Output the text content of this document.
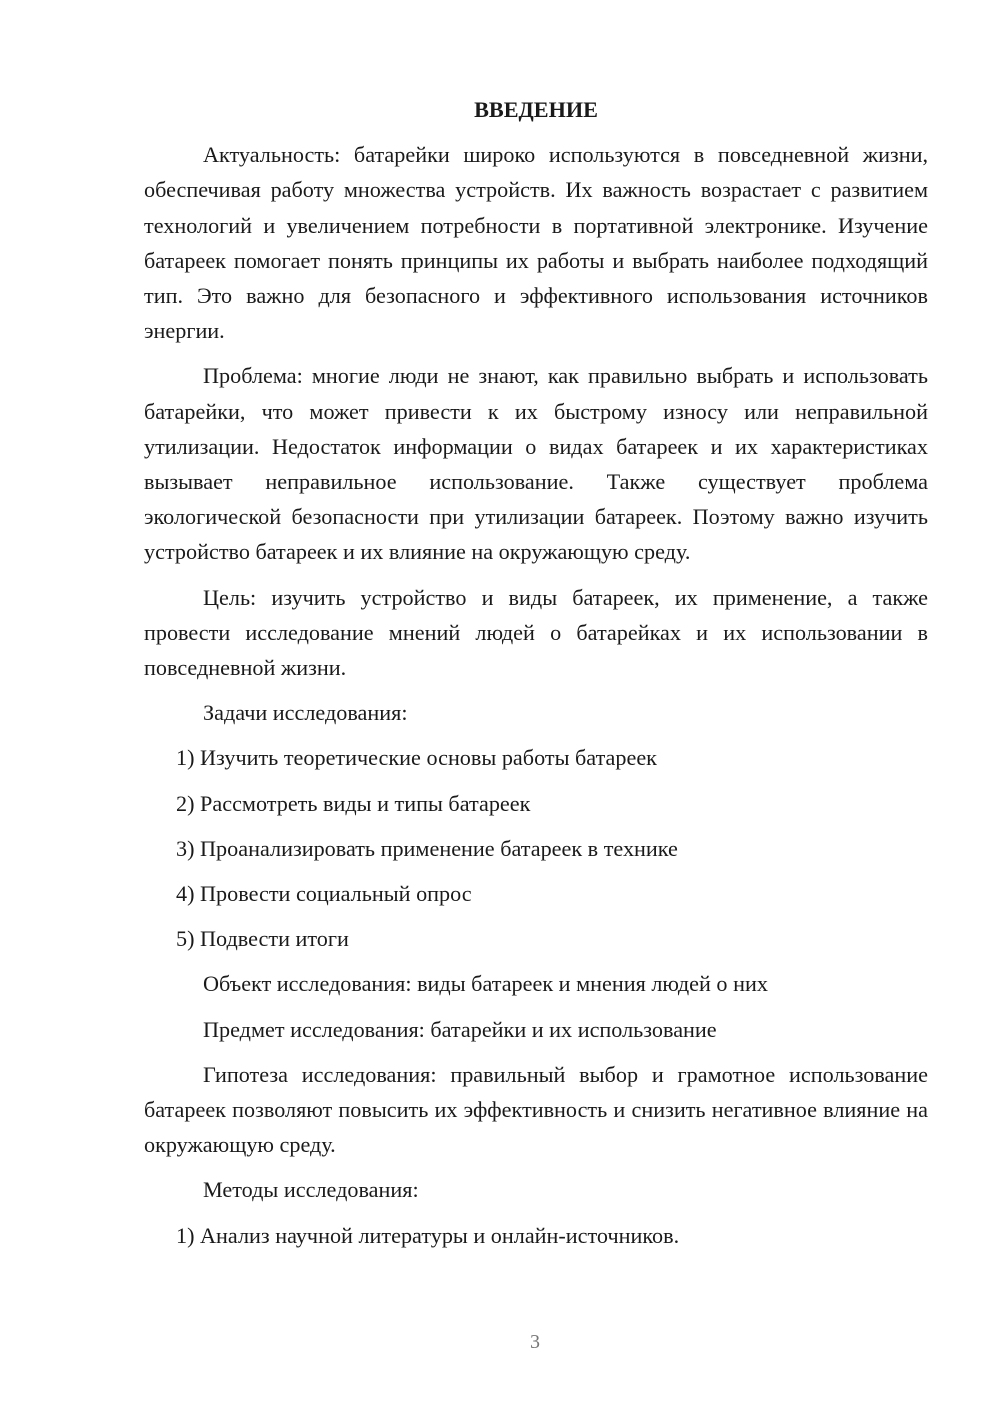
ВВЕДЕНИЕ

Актуальность: батарейки широко используются в повседневной жизни, обеспечивая работу множества устройств. Их важность возрастает с развитием технологий и увеличением потребности в портативной электронике. Изучение батареек помогает понять принципы их работы и выбрать наиболее подходящий тип. Это важно для безопасного и эффективного использования источников энергии.

Проблема: многие люди не знают, как правильно выбрать и использовать батарейки, что может привести к их быстрому износу или неправильной утилизации. Недостаток информации о видах батареек и их характеристиках вызывает неправильное использование. Также существует проблема экологической безопасности при утилизации батареек. Поэтому важно изучить устройство батареек и их влияние на окружающую среду.

Цель: изучить устройство и виды батареек, их применение, а также провести исследование мнений людей о батарейках и их использовании в повседневной жизни.

Задачи исследования:

1) Изучить теоретические основы работы батареек

2) Рассмотреть виды и типы батареек

3) Проанализировать применение батареек в технике

4) Провести социальный опрос

5) Подвести итоги

Объект исследования: виды батареек и мнения людей о них

Предмет исследования: батарейки и их использование

Гипотеза исследования: правильный выбор и грамотное использование батареек позволяют повысить их эффективность и снизить негативное влияние на окружающую среду.

Методы исследования:

1) Анализ научной литературы и онлайн-источников.

3
